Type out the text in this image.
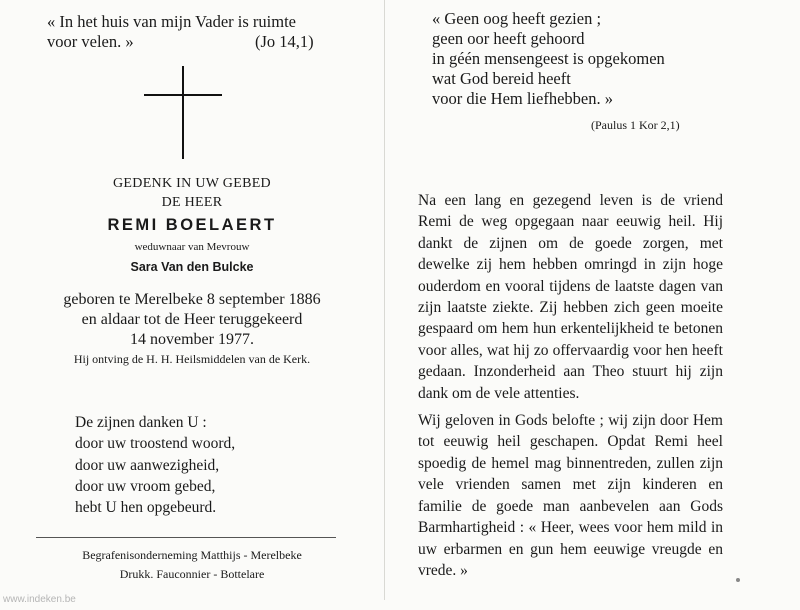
« In het huis van mijn Vader is ruimte
voor velen. »	(Jo 14,1)
GEDENK IN UW GEBED
DE HEER
REMI BOELAERT
weduwnaar van Mevrouw
Sara Van den Bulcke
geboren te Merelbeke 8 september 1886
en aldaar tot de Heer teruggekeerd
14 november 1977.
Hij ontving de H. H. Heilsmiddelen van de Kerk.
De zijnen danken U :
door uw troostend woord,
door uw aanwezigheid,
door uw vroom gebed,
hebt U hen opgebeurd.
Begrafenisonderneming Matthijs - Merelbeke
Drukk. Fauconnier - Bottelare
« Geen oog heeft gezien ;
geen oor heeft gehoord
in géén mensengeest is opgekomen
wat God bereid heeft
voor die Hem liefhebben. »
(Paulus 1 Kor 2,1)

Na een lang en gezegend leven is de vriend Remi de weg opgegaan naar eeuwig heil. Hij dankt de zijnen om de goede zorgen, met dewelke zij hem hebben omringd in zijn hoge ouderdom en vooral tijdens de laatste dagen van zijn laatste ziekte. Zij hebben zich geen moeite gespaard om hem hun erkentelijkheid te betonen voor alles, wat hij zo offervaardig voor hen heeft gedaan. Inzonderheid aan Theo stuurt hij zijn dank om de vele attenties.

Wij geloven in Gods belofte ; wij zijn door Hem tot eeuwig heil geschapen. Opdat Remi heel spoedig de hemel mag binnentreden, zullen zijn vele vrienden samen met zijn kinderen en familie de goede man aanbevelen aan Gods Barmhartigheid : « Heer, wees voor hem mild in uw erbarmen en gun hem eeuwige vreugde en vrede. »

www.indeken.be
